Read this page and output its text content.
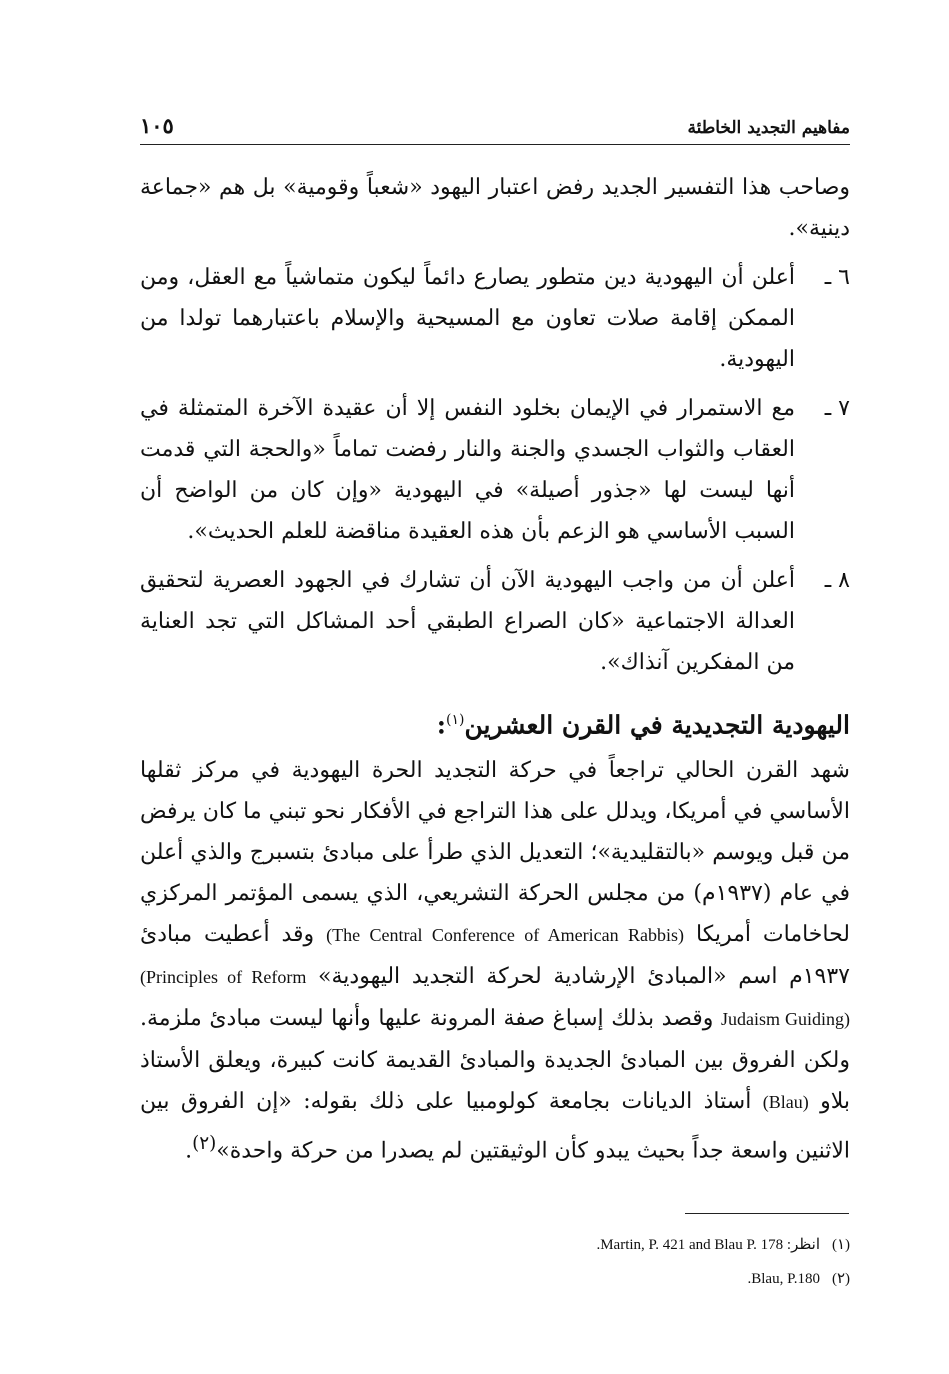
مفاهيم التجديد الخاطئة
١٠٥

وصاحب هذا التفسير الجديد رفض اعتبار اليهود «شعباً وقومية» بل هم «جماعة دينية».

٦ ـ

أعلن أن اليهودية دين متطور يصارع دائماً ليكون متماشياً مع العقل، ومن الممكن إقامة صلات تعاون مع المسيحية والإسلام باعتبارهما تولدا من اليهودية.

٧ ـ

مع الاستمرار في الإيمان بخلود النفس إلا أن عقيدة الآخرة المتمثلة في العقاب والثواب الجسدي والجنة والنار رفضت تماماً «والحجة التي قدمت أنها ليست لها «جذور أصيلة» في اليهودية «وإن كان من الواضح أن السبب الأساسي هو الزعم بأن هذه العقيدة مناقضة للعلم الحديث».

٨ ـ

أعلن أن من واجب اليهودية الآن أن تشارك في الجهود العصرية لتحقيق العدالة الاجتماعية «كان الصراع الطبقي أحد المشاكل التي تجد العناية من المفكرين آنذاك».

اليهودية التجديدية في القرن العشرين$^{(١)}$:

شهد القرن الحالي تراجعاً في حركة التجديد الحرة اليهودية في مركز ثقلها الأساسي في أمريكا، ويدلل على هذا التراجع في الأفكار نحو تبني ما كان يرفض من قبل ويوسم «بالتقليدية»؛ التعديل الذي طرأ على مبادئ بتسبرج والذي أعلن في عام (١٩٣٧م) من مجلس الحركة التشريعي، الذي يسمى المؤتمر المركزي لحاخامات أمريكا (The Central Conference of American Rabbis) وقد أعطيت مبادئ ١٩٣٧م اسم «المبادئ الإرشادية لحركة التجديد اليهودية» (Principles of Reform Judaism Guiding) وقصد بذلك إسباغ صفة المرونة عليها وأنها ليست مبادئ ملزمة. ولكن الفروق بين المبادئ الجديدة والمبادئ القديمة كانت كبيرة، ويعلق الأستاذ بلاو (Blau) أستاذ الديانات بجامعة كولومبيا على ذلك بقوله: «إن الفروق بين الاثنين واسعة جداً بحيث يبدو كأن الوثيقتين لم يصدرا من حركة واحدة»$^{(٢)}$.

(١)
انظر: Martin, P. 421 and Blau P. 178.
(٢)
Blau, P.180.
